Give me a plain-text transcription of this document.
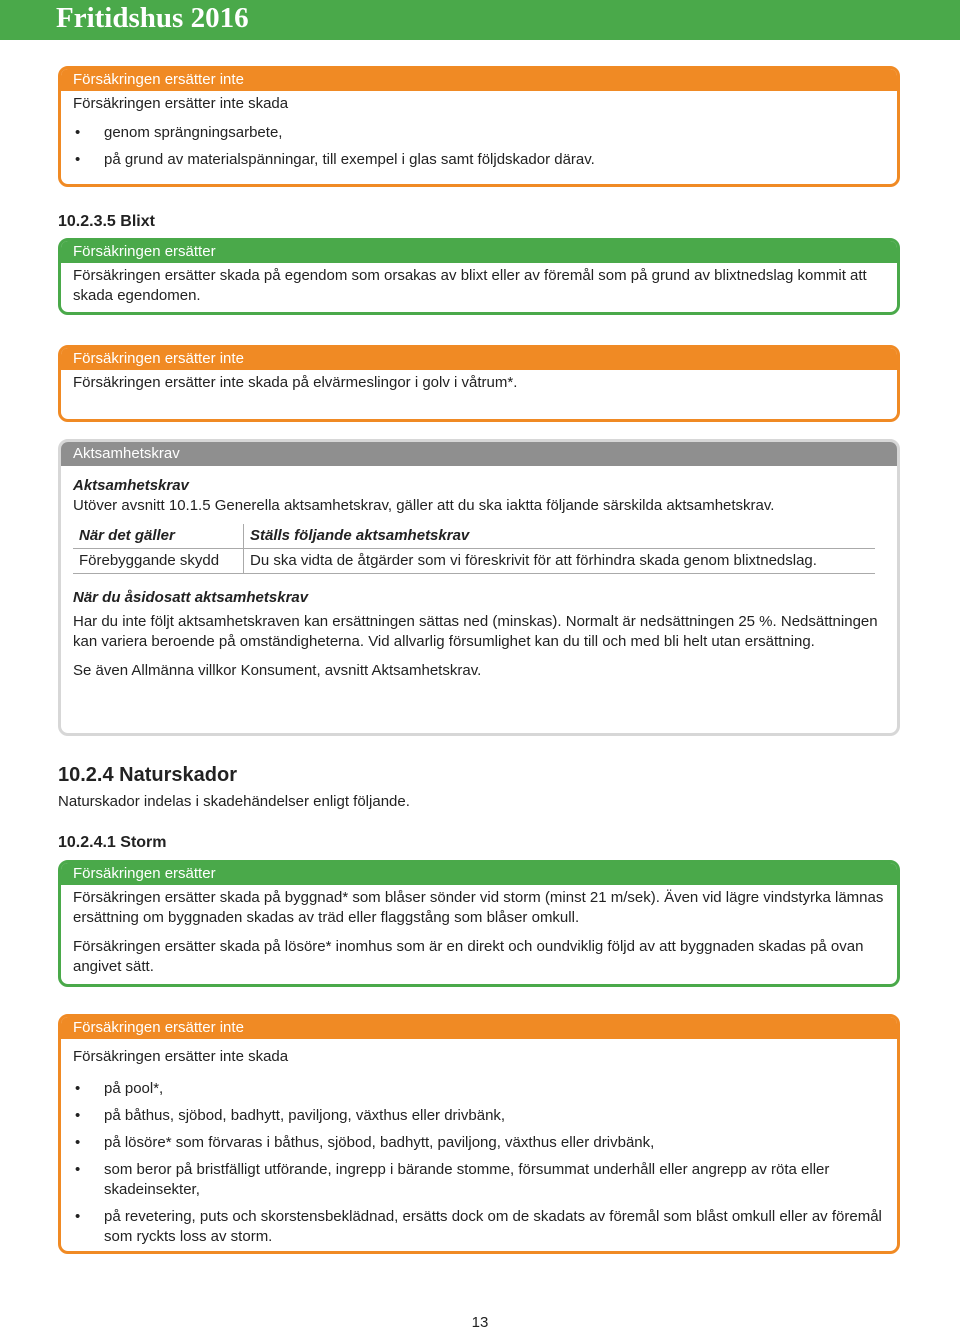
Fritidshus 2016
Försäkringen ersätter inte

Försäkringen ersätter inte skada

• genom sprängningsarbete,
• på grund av materialspänningar, till exempel i glas samt följdskador därav.
10.2.3.5 Blixt
Försäkringen ersätter

Försäkringen ersätter skada på egendom som orsakas av blixt eller av föremål som på grund av blixtnedslag kommit att skada egendomen.

Försäkringen ersätter inte

Försäkringen ersätter inte skada på elvärmeslingor i golv i våtrum*.

Aktsamhetskrav
Aktsamhetskrav
Utöver avsnitt 10.1.5 Generella aktsamhetskrav, gäller att du ska iaktta följande särskilda aktsamhetskrav.
När det gäller	Ställs följande aktsamhetskrav
Förebyggande skydd	Du ska vidta de åtgärder som vi föreskrivit för att förhindra skada genom blixtnedslag.
När du åsidosatt aktsamhetskrav

Har du inte följt aktsamhetskraven kan ersättningen sättas ned (minskas). Normalt är nedsättningen 25 %. Nedsättningen kan variera beroende på omständigheterna. Vid allvarlig försumlighet kan du till och med bli helt utan ersättning.

Se även Allmänna villkor Konsument, avsnitt Aktsamhetskrav.

10.2.4 Naturskador
Naturskador indelas i skadehändelser enligt följande.
10.2.4.1 Storm
Försäkringen ersätter

Försäkringen ersätter skada på byggnad* som blåser sönder vid storm (minst 21 m/sek). Även vid lägre vindstyrka lämnas ersättning om byggnaden skadas av träd eller flaggstång som blåser omkull.

Försäkringen ersätter skada på lösöre* inomhus som är en direkt och oundviklig följd av att byggnaden skadas på ovan angivet sätt.

Försäkringen ersätter inte

Försäkringen ersätter inte skada

• på pool*,
• på båthus, sjöbod, badhytt, paviljong, växthus eller drivbänk,
• på lösöre* som förvaras i båthus, sjöbod, badhytt, paviljong, växthus eller drivbänk,
• som beror på bristfälligt utförande, ingrepp i bärande stomme, försummat underhåll eller angrepp av röta eller skadeinsekter,
• på revetering, puts och skorstensbeklädnad, ersätts dock om de skadats av föremål som blåst omkull eller av föremål som ryckts loss av storm.
13
